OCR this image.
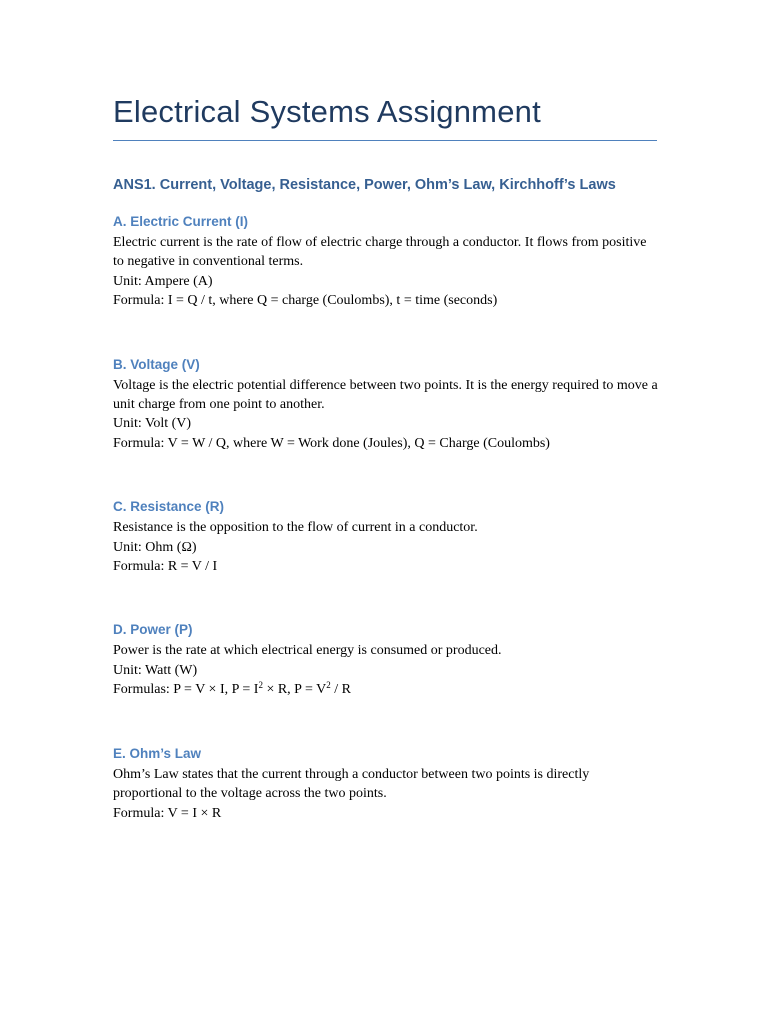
Electrical Systems Assignment
ANS1. Current, Voltage, Resistance, Power, Ohm’s Law, Kirchhoff’s Laws
A. Electric Current (I)

Electric current is the rate of flow of electric charge through a conductor. It flows from positive to negative in conventional terms.

Unit: Ampere (A)

Formula: I = Q / t, where Q = charge (Coulombs), t = time (seconds)

B. Voltage (V)

Voltage is the electric potential difference between two points. It is the energy required to move a unit charge from one point to another.

Unit: Volt (V)

Formula: V = W / Q, where W = Work done (Joules), Q = Charge (Coulombs)

C. Resistance (R)

Resistance is the opposition to the flow of current in a conductor.

Unit: Ohm (Ω)

Formula: R = V / I

D. Power (P)

Power is the rate at which electrical energy is consumed or produced.

Unit: Watt (W)

Formulas: P = V × I, $P = I^2 \times R$, $P = V^2 / R$

E. Ohm’s Law

Ohm’s Law states that the current through a conductor between two points is directly proportional to the voltage across the two points.

Formula: V = I × R
